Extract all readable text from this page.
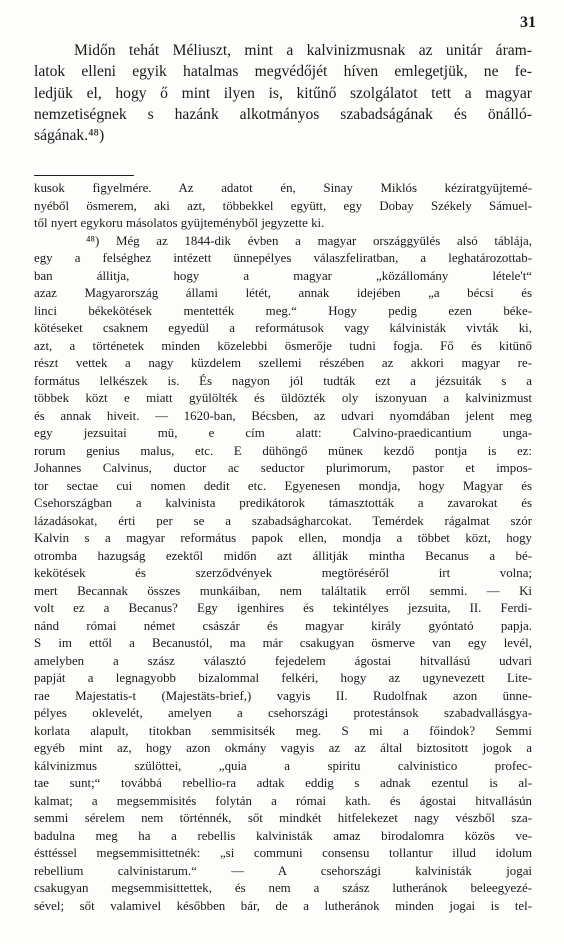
31
Midőn tehát Méliuszt, mint a kalvinizmusnak az unitár áram-
latok elleni egyik hatalmas megvédőjét híven emlegetjük, ne fe-
ledjük el, hogy ő mint ilyen is, kitűnő szolgálatot tett a magyar
nemzetiségnek s hazánk alkotmányos szabadságának és önálló-
ságának.⁴⁸)
kusok figyelmére. Az adatot én, Sinay Miklós kéziratgyüjtemé-
nyéből ösmerem, aki azt, többekkel együtt, egy Dobay Székely Sámuel-
től nyert egykoru másolatos gyüjteményből jegyzette ki.
⁴⁸) Még az 1844-dik évben a magyar országgyülés alsó táblája,
egy a felséghez intézett ünnepélyes válaszfeliratban, a leghatározottab-
ban állitja, hogy a magyar „közállomány létele't“
azaz Magyarország állami létét, annak idejében „a bécsi és
linci békekötések mentették meg.“ Hogy pedig ezen béke-
kötéseket csaknem egyedül a reformátusok vagy kálvinisták vivták ki,
azt, a történetek minden közelebbi ösmerője tudni fogja. Fő és kitünő
részt vettek a nagy küzdelem szellemi részében az akkori magyar re-
formátus lelkészek is. És nagyon jól tudták ezt a jézsuiták s a
többek közt e miatt gyülölték és üldözték oly iszonyuan a kalvinizmust
és annak hiveit. — 1620-ban, Bécsben, az udvari nyomdában jelent meg
egy jezsuitai mü, e cím alatt: Calvino-praedicantium unga-
rorum genius malus, etc. E dühöngő müneк kezdő pontja is ez:
Johannes Calvinus, ductor ac seductor plurimorum, pastor et impos-
tor sectae cui nomen dedit etc. Egyenesen mondja, hogy Magyar és
Csehországban a kalvinista predikátorok támasztották a zavarokat és
lázadásokat, érti per se a szabadságharcokat. Temérdek rágalmat szór
Kalvin s a magyar református papok ellen, mondja a többet közt, hogy
otromba hazugság ezektől midőn azt állitják mintha Becanus a bé-
kekötések és szerződvények megtöréséről irt volna;
mert Becannak összes munkáiban, nem találtatik erről semmi. — Ki
volt ez a Becanus? Egy igenhires és tekintélyes jezsuita, II. Ferdi-
nánd római német császár és magyar király gyóntató papja.
S im ettől a Becanustól, ma már csakugyan ösmerve van egy levél,
amelyben a szász választó fejedelem ágostai hitvallású udvari
papját a legnagyobb bizalommal felkéri, hogy az ugynevezett Lite-
rae Majestatis-t (Majestäts-brief,) vagyis II. Rudolfnak azon ünne-
pélyes oklevelét, amelyen a csehországi protestánsok szabadvallásgya-
korlata alapult, titokban semmisitsék meg. S mi a főindok? Semmi
egyéb mint az, hogy azon okmány vagyis az az által biztositott jogok a
kálvinizmus szülöttei, „quia a spiritu calvinistico profec-
tae sunt;“ továbbá rebellio-ra adtak eddig s adnak ezentul is al-
kalmat; a megsemmisités folytán a római kath. és ágostai hitvallásún
semmi sérelem nem történnék, sőt mindkét hitfelekezet nagy vészből sza-
badulna meg ha a rebellis kalvinisták amaz birodalomra közös ve-
ésttéssel megsemmisittetnék: „si communi consensu tollantur illud idolum
rebellium calvinistarum.“ — A csehországi kalvinisták jogai
csakugyan megsemmisittettek, és nem a szász lutheránok beleegyezé-
sével; sőt valamivel későbben bár, de a lutheránok minden jogai is tel-
